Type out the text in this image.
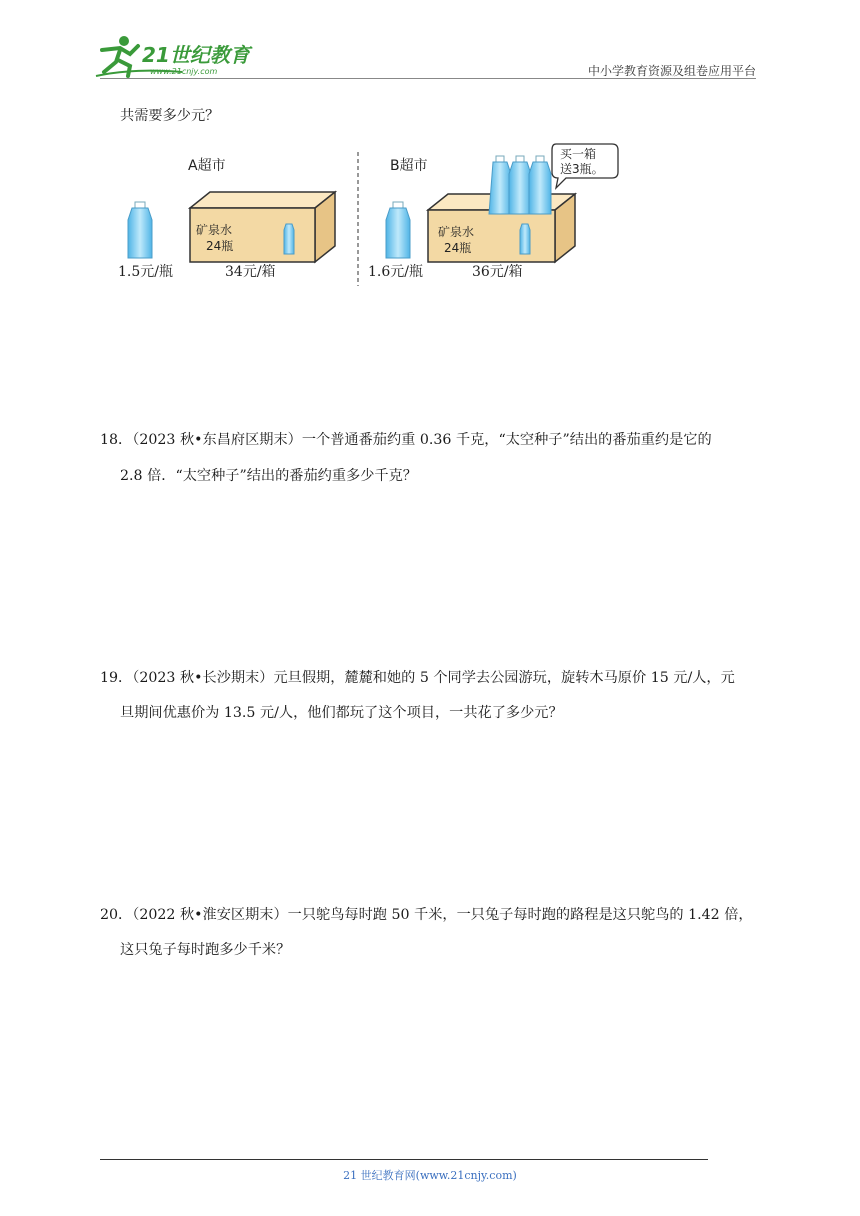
21世纪教育
www.21cnjy.com	中小学教育资源及组卷应用平台
共需要多少元？
A超市
矿泉水
24瓶
1.5元/瓶	34元/箱
B超市
买一箱
送3瓶。
矿泉水
24瓶
1.6元/瓶	36元/箱
18．（2023 秋•东昌府区期末）一个普通番茄约重 0.36 千克，“太空种子”结出的番茄重约是它的
2.8 倍．“太空种子”结出的番茄约重多少千克？
19．（2023 秋•长沙期末）元旦假期，麓麓和她的 5 个同学去公园游玩，旋转木马原价 15 元/人，元
旦期间优惠价为 13.5 元/人，他们都玩了这个项目，一共花了多少元？
20．（2022 秋•淮安区期末）一只鸵鸟每时跑 50 千米，一只兔子每时跑的路程是这只鸵鸟的 1.42 倍，
这只兔子每时跑多少千米？
21 世纪教育网(www.21cnjy.com)
